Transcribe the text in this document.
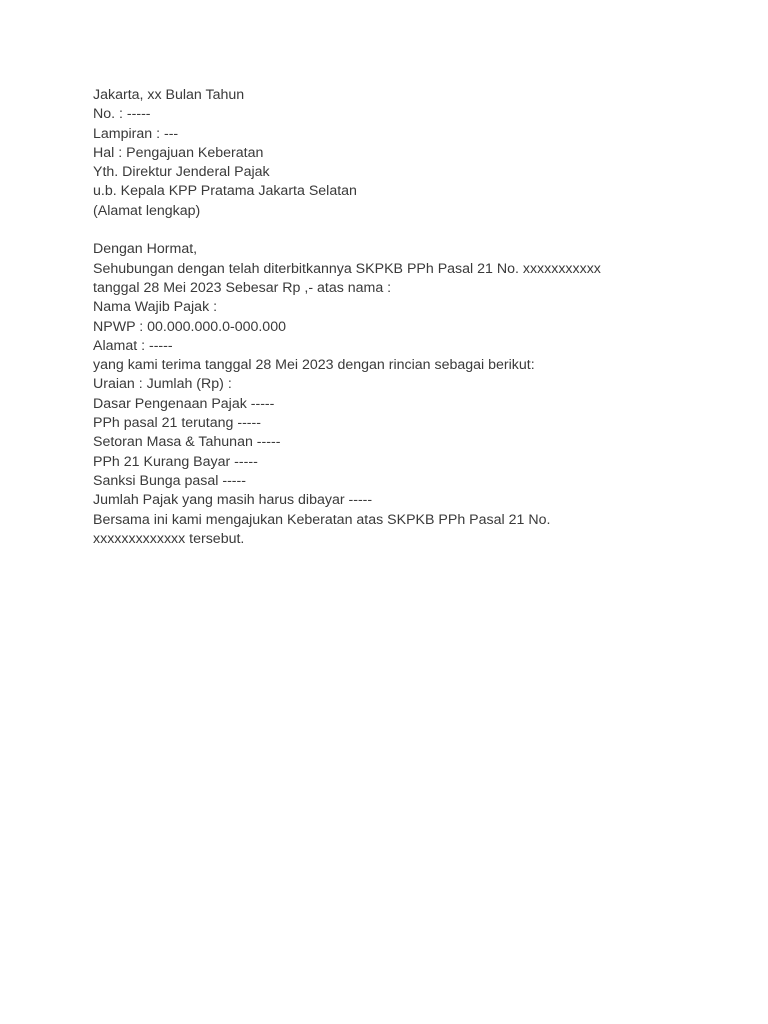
Jakarta, xx Bulan Tahun
No. : -----
Lampiran : ---
Hal : Pengajuan Keberatan
Yth. Direktur Jenderal Pajak
u.b. Kepala KPP Pratama Jakarta Selatan
(Alamat lengkap)
Dengan Hormat,
Sehubungan dengan telah diterbitkannya SKPKB PPh Pasal 21 No. xxxxxxxxxxx
tanggal 28 Mei 2023 Sebesar Rp ,- atas nama :
Nama Wajib Pajak :
NPWP : 00.000.000.0-000.000
Alamat : -----
yang kami terima tanggal 28 Mei 2023 dengan rincian sebagai berikut:
Uraian : Jumlah (Rp) :
Dasar Pengenaan Pajak -----
PPh pasal 21 terutang -----
Setoran Masa & Tahunan -----
PPh 21 Kurang Bayar -----
Sanksi Bunga pasal -----
Jumlah Pajak yang masih harus dibayar -----
Bersama ini kami mengajukan Keberatan atas SKPKB PPh Pasal 21 No.
xxxxxxxxxxxxx tersebut.
